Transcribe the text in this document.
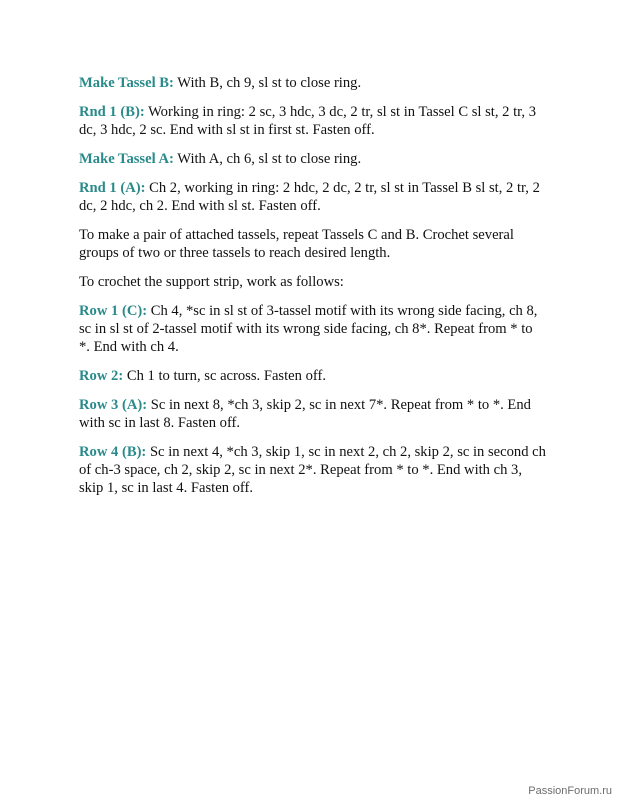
Make Tassel B: With B, ch 9, sl st to close ring.

Rnd 1 (B): Working in ring: 2 sc, 3 hdc, 3 dc, 2 tr, sl st in Tassel C sl st, 2 tr, 3 dc, 3 hdc, 2 sc. End with sl st in first st. Fasten off.

Make Tassel A: With A, ch 6, sl st to close ring.

Rnd 1 (A): Ch 2, working in ring: 2 hdc, 2 dc, 2 tr, sl st in Tassel B sl st, 2 tr, 2 dc, 2 hdc, ch 2. End with sl st. Fasten off.

To make a pair of attached tassels, repeat Tassels C and B. Crochet several groups of two or three tassels to reach desired length.

To crochet the support strip, work as follows:

Row 1 (C): Ch 4, *sc in sl st of 3-tassel motif with its wrong side facing, ch 8, sc in sl st of 2-tassel motif with its wrong side facing, ch 8*. Repeat from * to *. End with ch 4.

Row 2: Ch 1 to turn, sc across. Fasten off.

Row 3 (A): Sc in next 8, *ch 3, skip 2, sc in next 7*. Repeat from * to *. End with sc in last 8. Fasten off.

Row 4 (B): Sc in next 4, *ch 3, skip 1, sc in next 2, ch 2, skip 2, sc in second ch of ch-3 space, ch 2, skip 2, sc in next 2*. Repeat from * to *. End with ch 3, skip 1, sc in last 4. Fasten off.

PassionForum.ru
